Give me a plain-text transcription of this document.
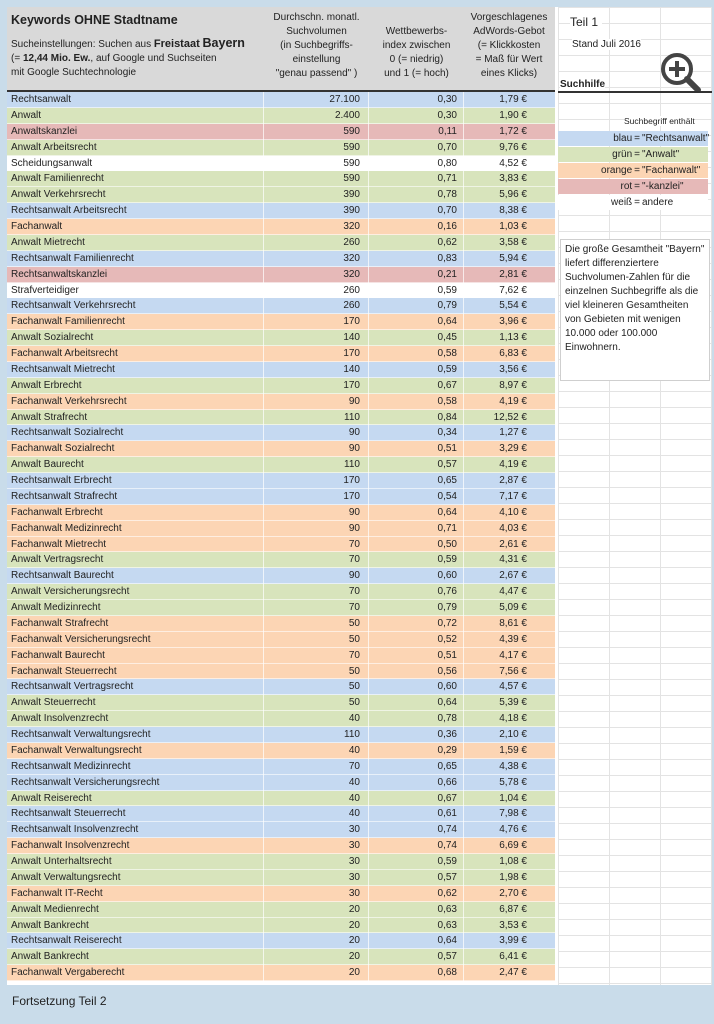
Keywords OHNE Stadtname
Sucheinstellungen: Suchen aus Freistaat Bayern
(= 12,44 Mio. Ew., auf Google und Suchseiten
mit Google Suchtechnologie
Durchschn. monatl.
Suchvolumen
(in Suchbegriffs-
einstellung
"genau passend" )
Wettbewerbs-
index zwischen
0 (= niedrig)
und 1 (= hoch)
Vorgeschlagenes
AdWords-Gebot
(= Klickkosten
= Maß für Wert
eines Klicks)
Rechtsanwalt	27.100	0,30	1,79 €
Anwalt	2.400	0,30	1,90 €
Anwaltskanzlei	590	0,11	1,72 €
Anwalt Arbeitsrecht	590	0,70	9,76 €
Scheidungsanwalt	590	0,80	4,52 €
Anwalt Familienrecht	590	0,71	3,83 €
Anwalt Verkehrsrecht	390	0,78	5,96 €
Rechtsanwalt Arbeitsrecht	390	0,70	8,38 €
Fachanwalt	320	0,16	1,03 €
Anwalt Mietrecht	260	0,62	3,58 €
Rechtsanwalt Familienrecht	320	0,83	5,94 €
Rechtsanwaltskanzlei	320	0,21	2,81 €
Strafverteidiger	260	0,59	7,62 €
Rechtsanwalt Verkehrsrecht	260	0,79	5,54 €
Fachanwalt Familienrecht	170	0,64	3,96 €
Anwalt Sozialrecht	140	0,45	1,13 €
Fachanwalt Arbeitsrecht	170	0,58	6,83 €
Rechtsanwalt Mietrecht	140	0,59	3,56 €
Anwalt Erbrecht	170	0,67	8,97 €
Fachanwalt Verkehrsrecht	90	0,58	4,19 €
Anwalt Strafrecht	110	0,84	12,52 €
Rechtsanwalt Sozialrecht	90	0,34	1,27 €
Fachanwalt Sozialrecht	90	0,51	3,29 €
Anwalt Baurecht	110	0,57	4,19 €
Rechtsanwalt Erbrecht	170	0,65	2,87 €
Rechtsanwalt Strafrecht	170	0,54	7,17 €
Fachanwalt Erbrecht	90	0,64	4,10 €
Fachanwalt Medizinrecht	90	0,71	4,03 €
Fachanwalt Mietrecht	70	0,50	2,61 €
Anwalt Vertragsrecht	70	0,59	4,31 €
Rechtsanwalt Baurecht	90	0,60	2,67 €
Anwalt Versicherungsrecht	70	0,76	4,47 €
Anwalt Medizinrecht	70	0,79	5,09 €
Fachanwalt Strafrecht	50	0,72	8,61 €
Fachanwalt Versicherungsrecht	50	0,52	4,39 €
Fachanwalt Baurecht	70	0,51	4,17 €
Fachanwalt Steuerrecht	50	0,56	7,56 €
Rechtsanwalt Vertragsrecht	50	0,60	4,57 €
Anwalt Steuerrecht	50	0,64	5,39 €
Anwalt Insolvenzrecht	40	0,78	4,18 €
Rechtsanwalt Verwaltungsrecht	110	0,36	2,10 €
Fachanwalt Verwaltungsrecht	40	0,29	1,59 €
Rechtsanwalt Medizinrecht	70	0,65	4,38 €
Rechtsanwalt Versicherungsrecht	40	0,66	5,78 €
Anwalt Reiserecht	40	0,67	1,04 €
Rechtsanwalt Steuerrecht	40	0,61	7,98 €
Rechtsanwalt Insolvenzrecht	30	0,74	4,76 €
Fachanwalt Insolvenzrecht	30	0,74	6,69 €
Anwalt Unterhaltsrecht	30	0,59	1,08 €
Anwalt Verwaltungsrecht	30	0,57	1,98 €
Fachanwalt IT-Recht	30	0,62	2,70 €
Anwalt Medienrecht	20	0,63	6,87 €
Anwalt Bankrecht	20	0,63	3,53 €
Rechtsanwalt Reiserecht	20	0,64	3,99 €
Anwalt Bankrecht	20	0,57	6,41 €
Fachanwalt Vergaberecht	20	0,68	2,47 €
Teil 1
Stand Juli 2016
Suchhilfe
Suchbegriff enthält
blau="Rechtsanwalt"
grün="Anwalt"
orange="Fachanwalt"
rot="-kanzlei"
weiß=andere
Die große Gesamtheit "Bayern" liefert differenziertere Suchvolumen-Zahlen für die einzelnen Suchbegriffe als die viel kleineren Gesamtheiten von Gebieten mit wenigen 10.000 oder 100.000 Einwohnern.
Fortsetzung Teil 2
